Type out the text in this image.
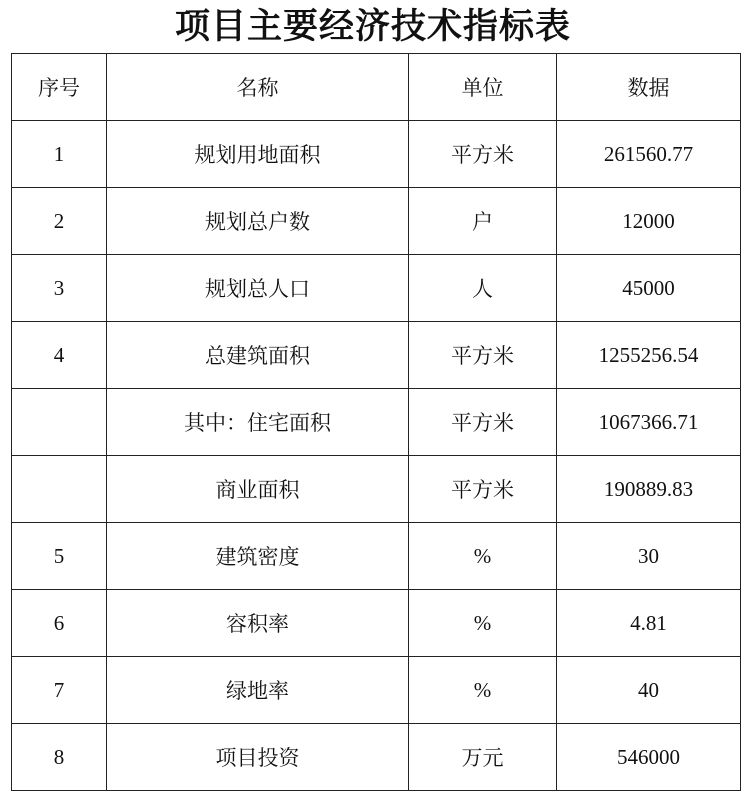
项目主要经济技术指标表
序号	名称	单位	数据
1	规划用地面积	平方米	261560.77
2	规划总户数	户	12000
3	规划总人口	人	45000
4	总建筑面积	平方米	1255256.54
	其中：住宅面积	平方米	1067366.71
	商业面积	平方米	190889.83
5	建筑密度	%	30
6	容积率	%	4.81
7	绿地率	%	40
8	项目投资	万元	546000
